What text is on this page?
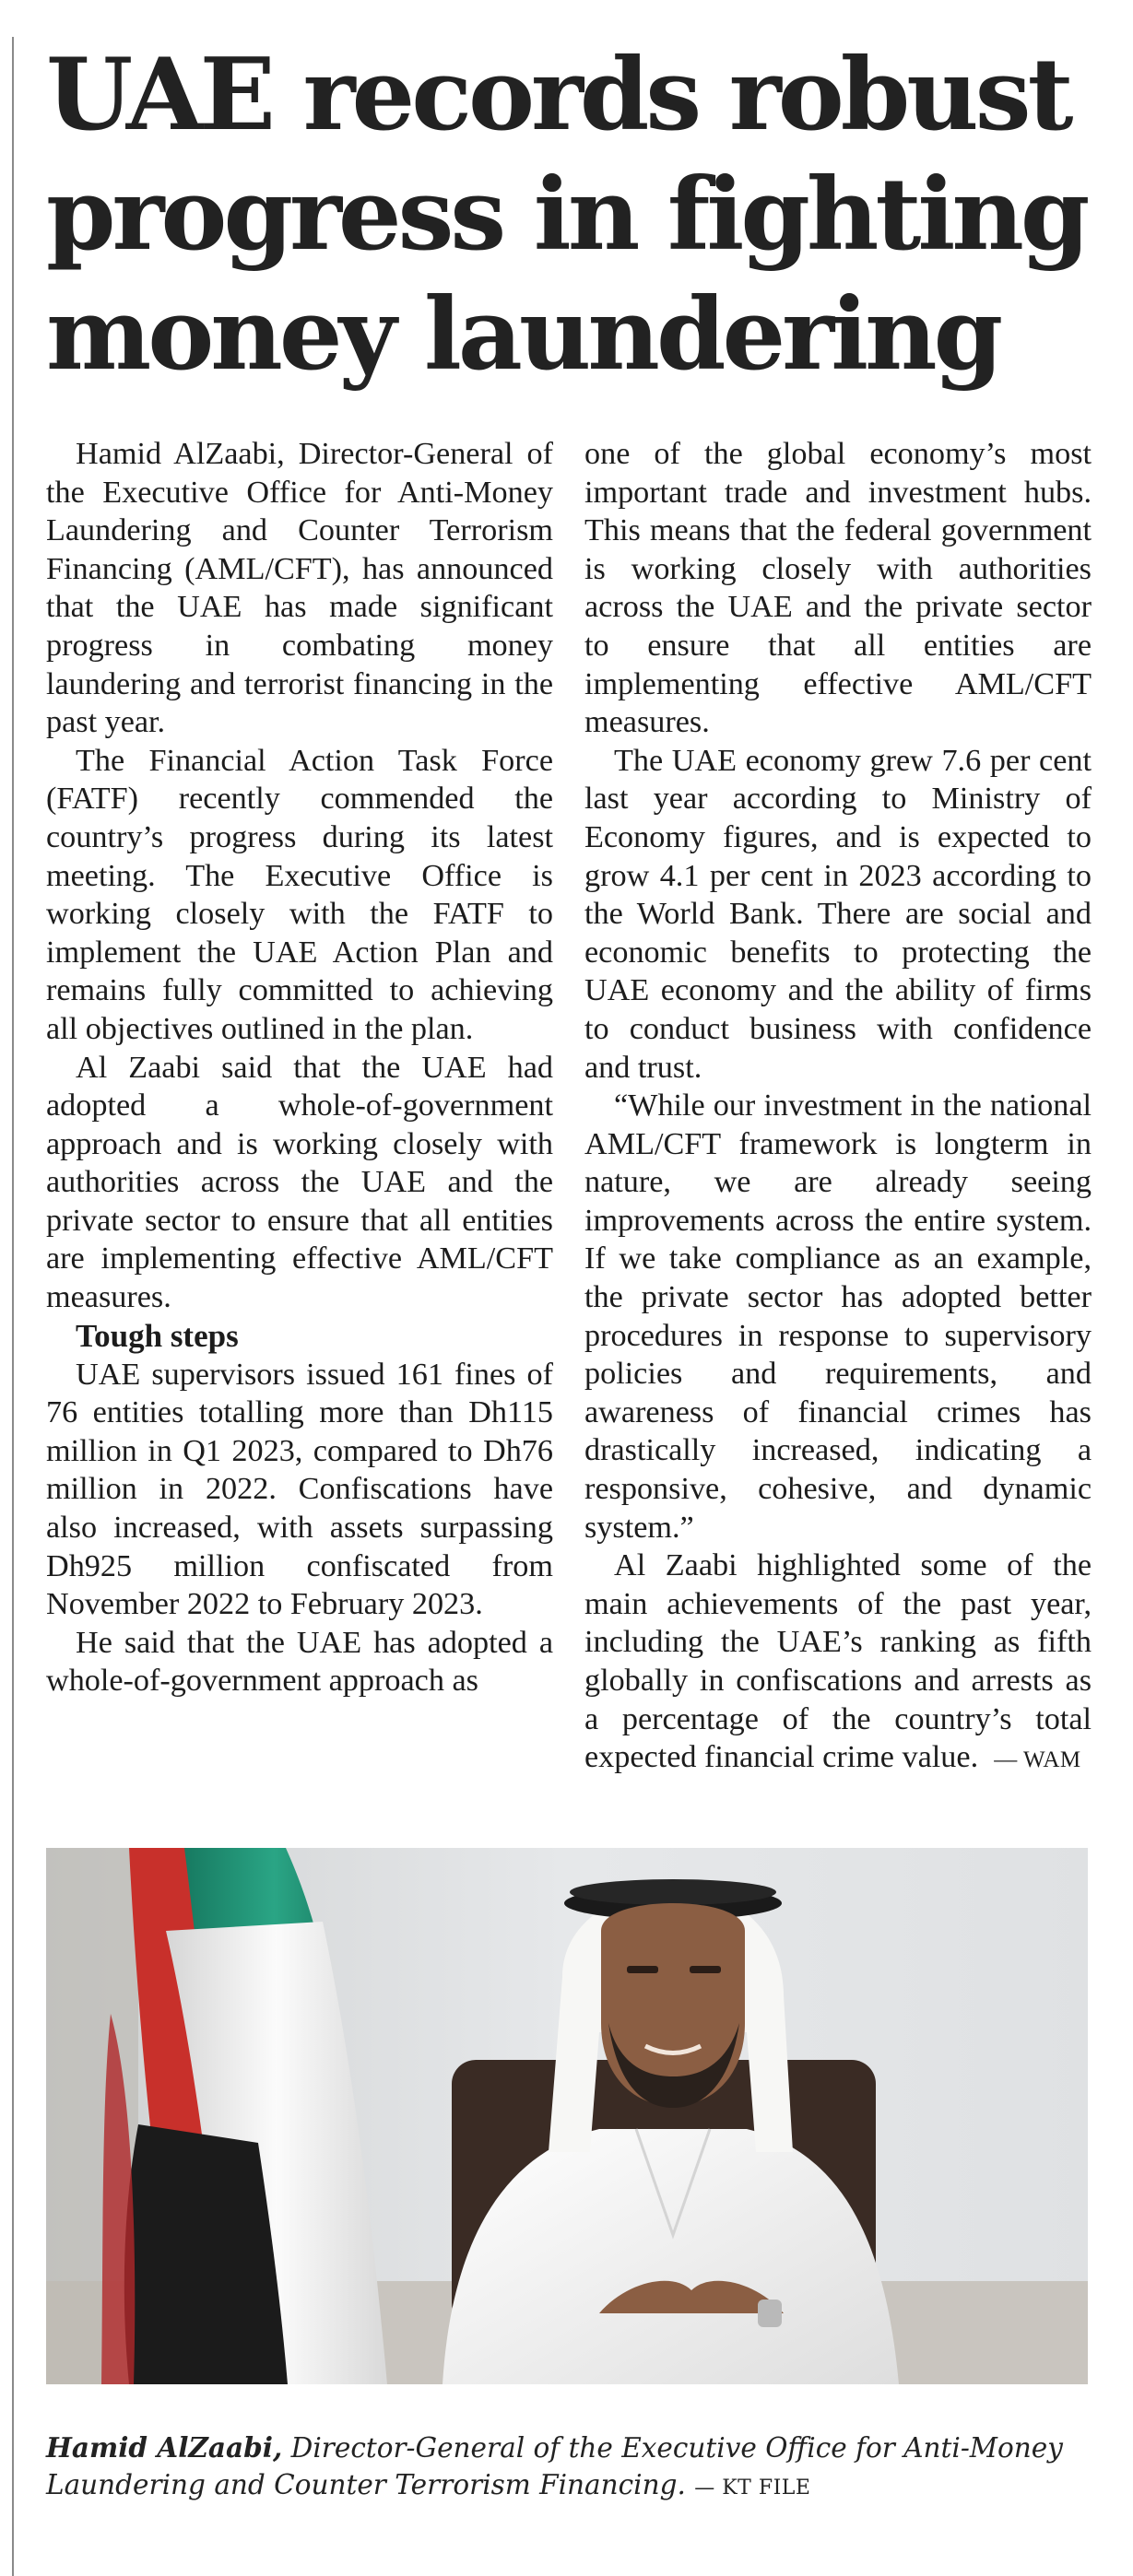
UAE records robust progress in fighting money laundering

Hamid AlZaabi, Director-General of the Executive Office for Anti-Money Laundering and Counter Terrorism Financing (AML/CFT), has announced that the UAE has made significant progress in combating money laundering and terrorist financing in the past year.

The Financial Action Task Force (FATF) recently commended the country’s progress during its latest meeting. The Executive Office is working closely with the FATF to implement the UAE Action Plan and remains fully committed to achieving all objectives outlined in the plan.

Al Zaabi said that the UAE had adopted a whole-of-government approach and is working closely with authorities across the UAE and the private sector to ensure that all entities are implementing effective AML/CFT measures.

Tough steps

UAE supervisors issued 161 fines of 76 entities totalling more than Dh115 million in Q1 2023, compared to Dh76 million in 2022. Confiscations have also increased, with assets surpassing Dh925 million confiscated from November 2022 to February 2023.

He said that the UAE has adopted a whole-of-government approach as

one of the global economy’s most important trade and investment hubs. This means that the federal government is working closely with authorities across the UAE and the private sector to ensure that all entities are implementing effective AML/CFT measures.

The UAE economy grew 7.6 per cent last year according to Ministry of Economy figures, and is expected to grow 4.1 per cent in 2023 according to the World Bank. There are social and economic benefits to protecting the UAE economy and the ability of firms to conduct business with confidence and trust.

“While our investment in the national AML/CFT framework is longterm in nature, we are already seeing improvements across the entire system. If we take compliance as an example, the private sector has adopted better procedures in response to supervisory policies and requirements, and awareness of financial crimes has drastically increased, indicating a responsive, cohesive, and dynamic system.”

Al Zaabi highlighted some of the main achievements of the past year, including the UAE’s ranking as fifth globally in confiscations and arrests as a percentage of the country’s total expected financial crime value. — WAM

Hamid AlZaabi, Director-General of the Executive Office for Anti-Money Laundering and Counter Terrorism Financing. — KT FILE
